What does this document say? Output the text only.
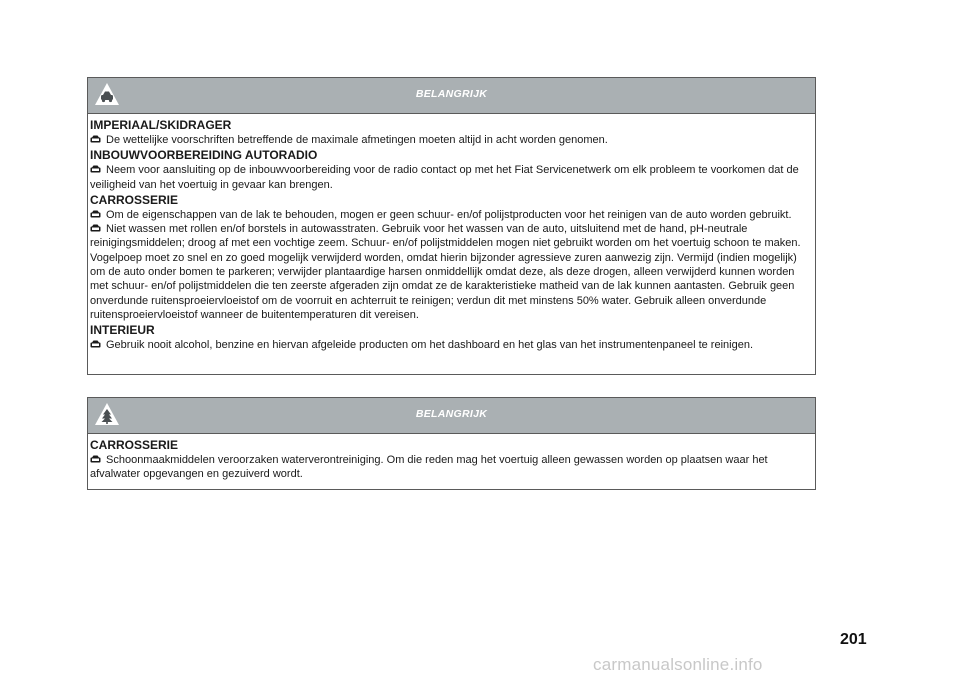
BELANGRIJK
IMPERIAAL/SKIDRAGER

De wettelijke voorschriften betreffende de maximale afmetingen moeten altijd in acht worden genomen.

INBOUWVOORBEREIDING AUTORADIO

Neem voor aansluiting op de inbouwvoorbereiding voor de radio contact op met het Fiat Servicenetwerk om elk probleem te voorkomen dat de veiligheid van het voertuig in gevaar kan brengen.

CARROSSERIE

Om de eigenschappen van de lak te behouden, mogen er geen schuur- en/of polijstproducten voor het reinigen van de auto worden gebruikt.

Niet wassen met rollen en/of borstels in autowasstraten. Gebruik voor het wassen van de auto, uitsluitend met de hand, pH-neutrale reinigingsmiddelen; droog af met een vochtige zeem. Schuur- en/of polijstmiddelen mogen niet gebruikt worden om het voertuig schoon te maken. Vogelpoep moet zo snel en zo goed mogelijk verwijderd worden, omdat hierin bijzonder agressieve zuren aanwezig zijn. Vermijd (indien mogelijk) om de auto onder bomen te parkeren; verwijder plantaardige harsen onmiddellijk omdat deze, als deze drogen, alleen verwijderd kunnen worden met schuur- en/of polijstmiddelen die ten zeerste afgeraden zijn omdat ze de karakteristieke matheid van de lak kunnen aantasten. Gebruik geen onverdunde ruitensproeiervloeistof om de voorruit en achterruit te reinigen; verdun dit met minstens 50% water. Gebruik alleen onverdunde ruitensproeiervloeistof wanneer de buitentemperaturen dit vereisen.

INTERIEUR

Gebruik nooit alcohol, benzine en hiervan afgeleide producten om het dashboard en het glas van het instrumentenpaneel te reinigen.

BELANGRIJK
CARROSSERIE

Schoonmaakmiddelen veroorzaken waterverontreiniging. Om die reden mag het voertuig alleen gewassen worden op plaatsen waar het afvalwater opgevangen en gezuiverd wordt.

201
carmanualsonline.info
